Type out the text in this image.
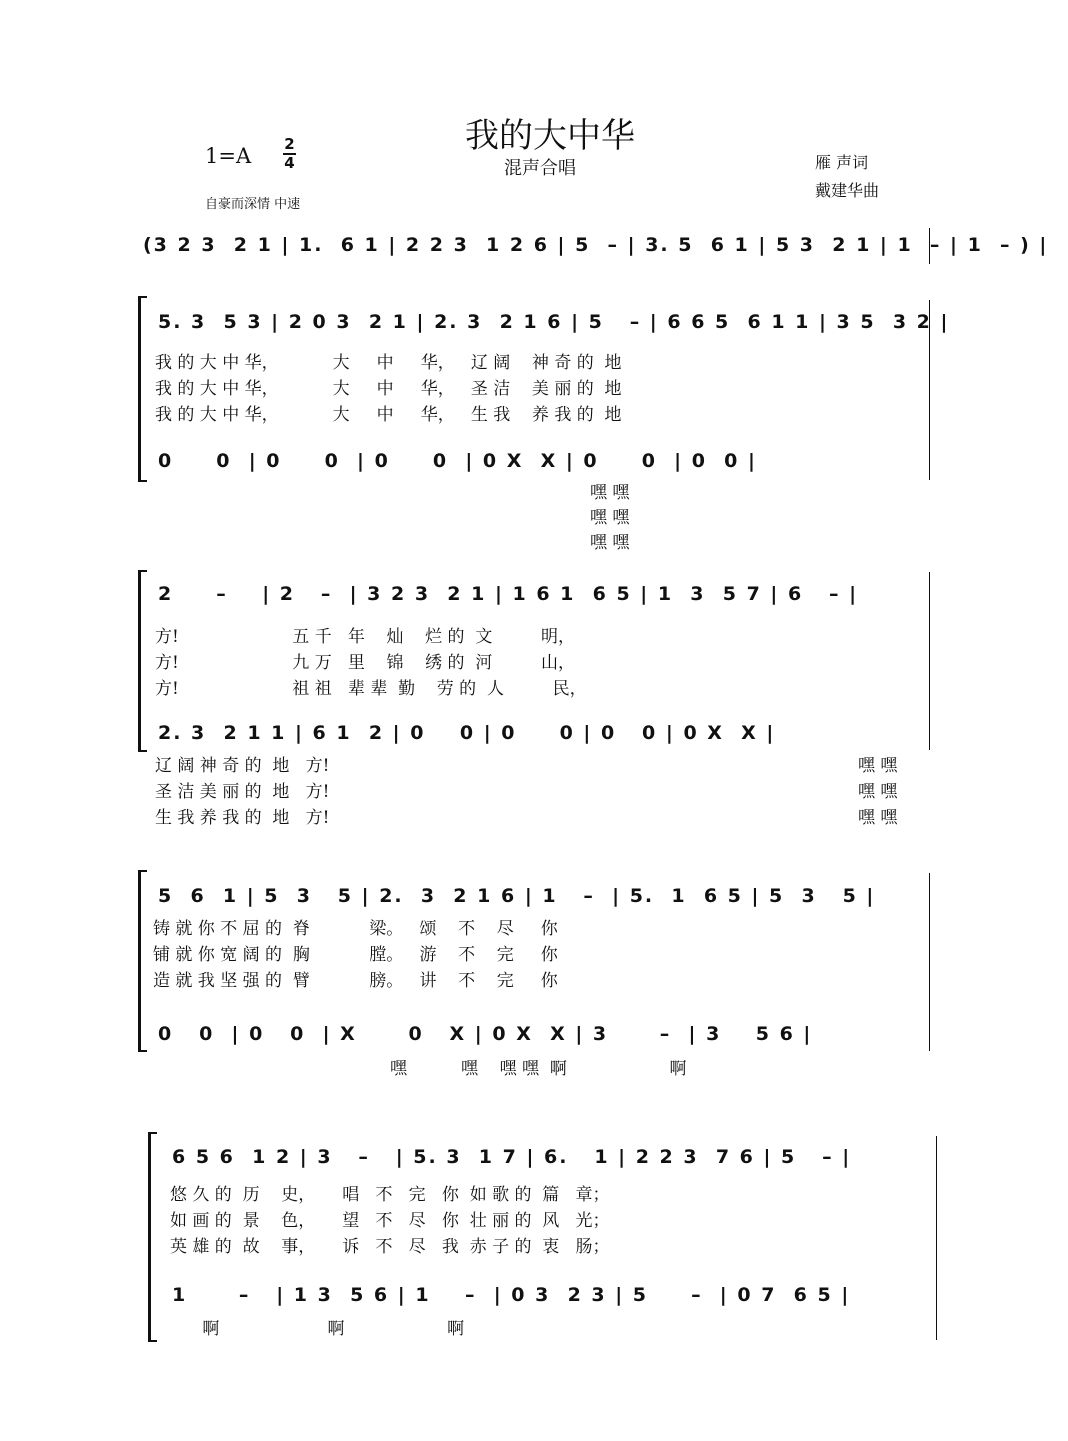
我的大中华
混声合唱
1=A 2
4
自豪而深情 中速
雁 声词
戴建华曲
(3 2 3  2 1 | 1.  6 1 | 2 2 3  1 2 6 | 5  – | 3. 5  6 1 | 5 3  2 1 | 1  – | 1  – ) |
5. 3  5 3 | 2 0 3  2 1 | 2. 3  2 1 6 | 5   – | 6 6 5  6 1 1 | 3 5  3 2 |
我 的 大 中 华，          大     中     华，   辽 阔    神 奇 的  地
我 的 大 中 华，          大     中     华，   圣 洁    美 丽 的  地
我 的 大 中 华，          大     中     华，   生 我    养 我 的  地
0     0  | 0     0  | 0     0  | 0 X  X | 0     0  | 0  0 |
嘿 嘿
嘿 嘿
嘿 嘿
2     –    | 2   –  | 3 2 3  2 1 | 1 6 1  6 5 | 1  3  5 7 | 6   – |
方!                     五 千   年    灿    烂 的  文         明，
方!                     九 万   里    锦    绣 的  河         山，
方!                     祖 祖   辈 辈  勤    劳 的  人         民，
2. 3  2 1 1 | 6 1  2 | 0    0 | 0     0 | 0   0 | 0 X  X |
辽 阔 神 奇 的  地   方!
圣 洁 美 丽 的  地   方!
生 我 养 我 的  地   方!
嘿 嘿
嘿 嘿
嘿 嘿
5  6  1 | 5  3   5 | 2.  3  2 1 6 | 1   –  | 5.  1  6 5 | 5  3   5 |
铸 就 你 不 屈 的  脊           梁。   颂    不    尽     你
铺 就 你 宽 阔 的  胸           膛。   游    不    完     你
造 就 我 坚 强 的  臂           膀。   讲    不    完     你
0   0  | 0   0  | X      0   X | 0 X  X | 3      –  | 3    5 6 |
嘿          嘿    嘿 嘿  啊                   啊
6 5 6  1 2 | 3   –   | 5. 3  1 7 | 6.   1 | 2 2 3  7 6 | 5   – |
悠 久 的  历    史，     唱   不   完   你  如 歌 的  篇   章；
如 画 的  景    色，     望   不   尽   你  壮 丽 的  风   光；
英 雄 的  故    事，     诉   不   尽   我  赤 子 的  衷   肠；
1      –   | 1 3  5 6 | 1    –  | 0 3  2 3 | 5     –  | 0 7  6 5 |
啊                    啊                   啊
